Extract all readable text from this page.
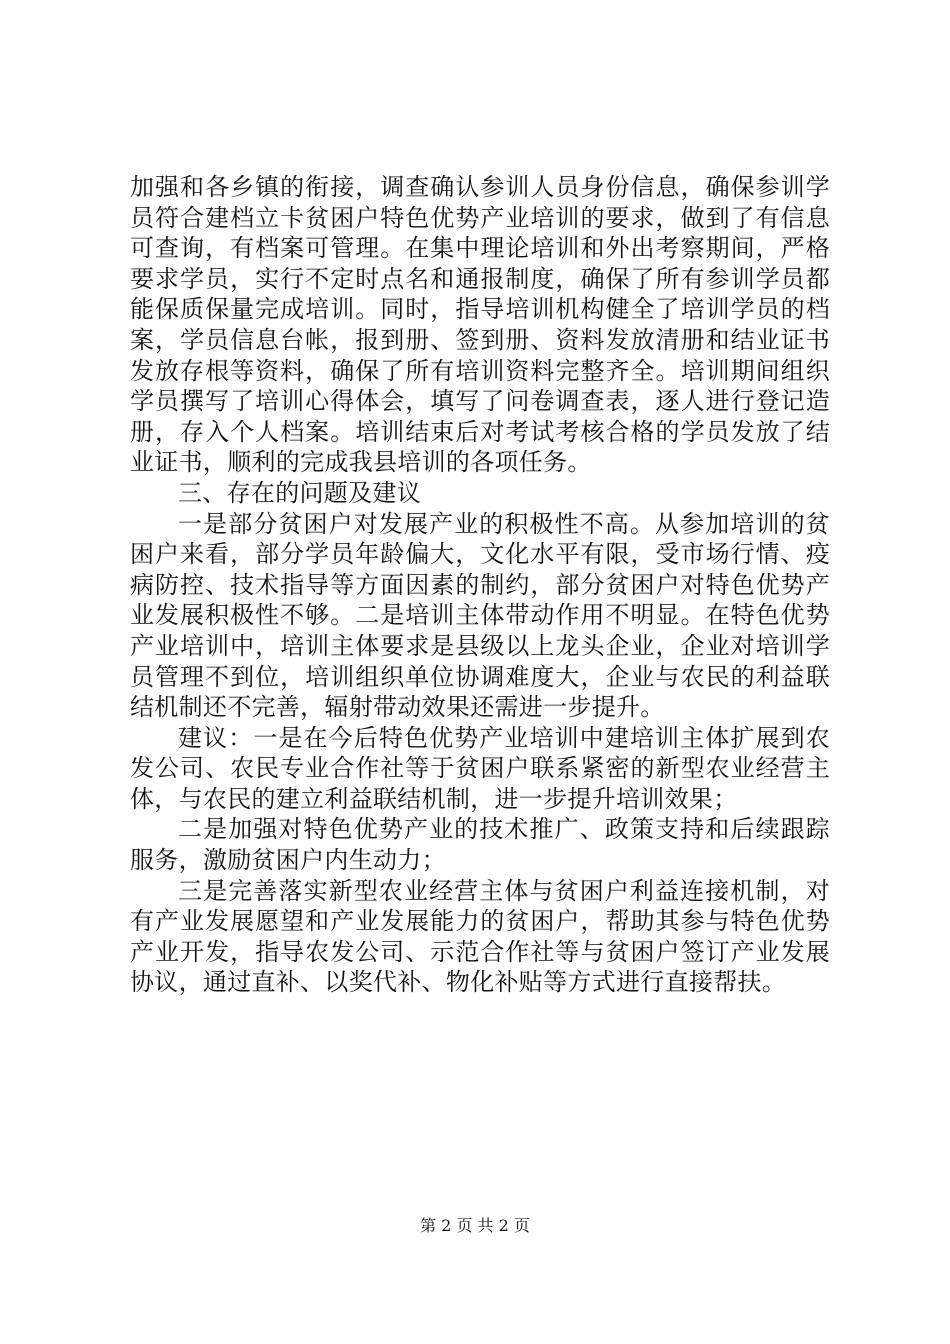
加强和各乡镇的衔接，调查确认参训人员身份信息，确保参训学员符合建档立卡贫困户特色优势产业培训的要求，做到了有信息可查询，有档案可管理。在集中理论培训和外出考察期间，严格要求学员，实行不定时点名和通报制度，确保了所有参训学员都能保质保量完成培训。同时，指导培训机构健全了培训学员的档案，学员信息台帐，报到册、签到册、资料发放清册和结业证书发放存根等资料，确保了所有培训资料完整齐全。培训期间组织学员撰写了培训心得体会，填写了问卷调查表，逐人进行登记造册，存入个人档案。培训结束后对考试考核合格的学员发放了结业证书，顺利的完成我县培训的各项任务。

三、存在的问题及建议

一是部分贫困户对发展产业的积极性不高。从参加培训的贫困户来看，部分学员年龄偏大，文化水平有限，受市场行情、疫病防控、技术指导等方面因素的制约，部分贫困户对特色优势产业发展积极性不够。二是培训主体带动作用不明显。在特色优势产业培训中，培训主体要求是县级以上龙头企业，企业对培训学员管理不到位，培训组织单位协调难度大，企业与农民的利益联结机制还不完善，辐射带动效果还需进一步提升。

建议：一是在今后特色优势产业培训中建培训主体扩展到农发公司、农民专业合作社等于贫困户联系紧密的新型农业经营主体，与农民的建立利益联结机制，进一步提升培训效果；

二是加强对特色优势产业的技术推广、政策支持和后续跟踪服务，激励贫困户内生动力；

三是完善落实新型农业经营主体与贫困户利益连接机制，对有产业发展愿望和产业发展能力的贫困户，帮助其参与特色优势产业开发，指导农发公司、示范合作社等与贫困户签订产业发展协议，通过直补、以奖代补、物化补贴等方式进行直接帮扶。

第 2 页 共 2 页
